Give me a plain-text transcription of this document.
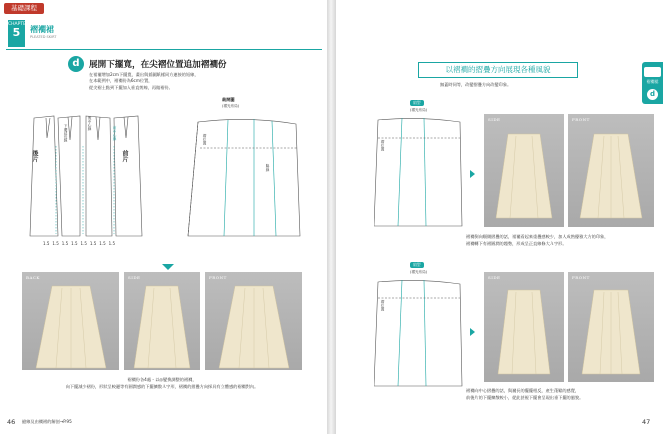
基礎課程
CHAPTER
5	褶襇裙
PLEATED SKIRT
d	展開下擺寬，在尖褶位置追加褶襇份
在裙襬增加2cm下擺寬，畫出與插圖紙樣同方連接的短線，
在本範例中，褶襇份為6cm位置，
從尖褶土點到下擺加入垂直剪線，再做褶份。
後片	前片
後中心線
前中心線
下襬延長線
裁開圖
(褶光布局)
褶位置
脇線
1.5 1.5 1.5 1.5 1.5 1.5 1.5 1.5
BACK	SIDE	FRONT
褶襇份各4處・以◎變換調整的褶襇，
向下擺減少褶份，形狀呈較邊等有圓潤感的下擺擴散Ａ字形，褶襇的摺疊方向採具有立體感的褶襇對內。
46 縫線及由襇褶的解剖→P.95
以褶襇的摺疊方向展現各種風貌
無蓋時同等，改變摺疊方向改變印象。
褶襇裙
d
扇型
(褶光布局)
褶位置
SIDE	FRONT
褶襇倒向順側摺疊的話，裙襬看起來重疊感較少，加人成熟優雅大方的印象，
褶襇轉下有褶圓潤的趨勢，形成呈正直線條大Ａ字形。
扇型
(褶光布局)
褶位置
SIDE	FRONT
褶襇向中心摺疊的話，與襬長的擺擺相反，產生蓬鬆的感覺，
前後片的下擺擴散較小，從此甚視下擺會呈現出垂下擺的風貌。
47
